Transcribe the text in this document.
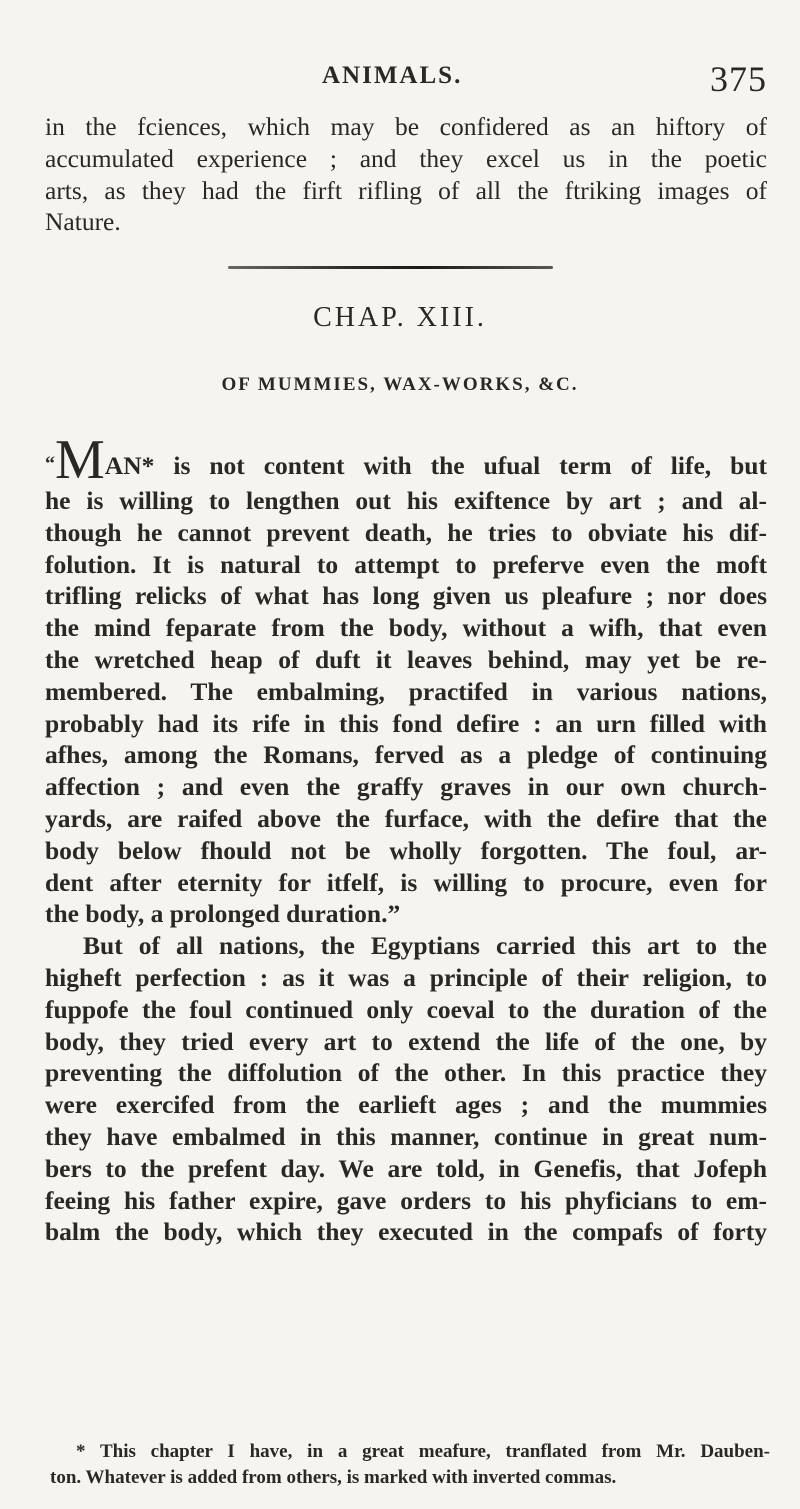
ANIMALS.	375
in the fciences, which may be confidered as an hiftory of
accumulated experience ; and they excel us in the poetic
arts, as they had the firft rifling of all the ftriking images of
Nature.
CHAP. XIII.
OF MUMMIES, WAX-WORKS, &C.
“MAN* is not content with the ufual term of life, but
he is willing to lengthen out his exiftence by art ; and al-
though he cannot prevent death, he tries to obviate his dif-
folution. It is natural to attempt to preferve even the moft
trifling relicks of what has long given us pleafure ; nor does
the mind feparate from the body, without a wifh, that even
the wretched heap of duft it leaves behind, may yet be re-
membered. The embalming, practifed in various nations,
probably had its rife in this fond defire : an urn filled with
afhes, among the Romans, ferved as a pledge of continuing
affection ; and even the graffy graves in our own church-
yards, are raifed above the furface, with the defire that the
body below fhould not be wholly forgotten. The foul, ar-
dent after eternity for itfelf, is willing to procure, even for
the body, a prolonged duration.”
But of all nations, the Egyptians carried this art to the
higheft perfection : as it was a principle of their religion, to
fuppofe the foul continued only coeval to the duration of the
body, they tried every art to extend the life of the one, by
preventing the diffolution of the other. In this practice they
were exercifed from the earlieft ages ; and the mummies
they have embalmed in this manner, continue in great num-
bers to the prefent day. We are told, in Genefis, that Jofeph
feeing his father expire, gave orders to his phyficians to em-
balm the body, which they executed in the compafs of forty
* This chapter I have, in a great meafure, tranflated from Mr. Dauben-
ton. Whatever is added from others, is marked with inverted commas.
